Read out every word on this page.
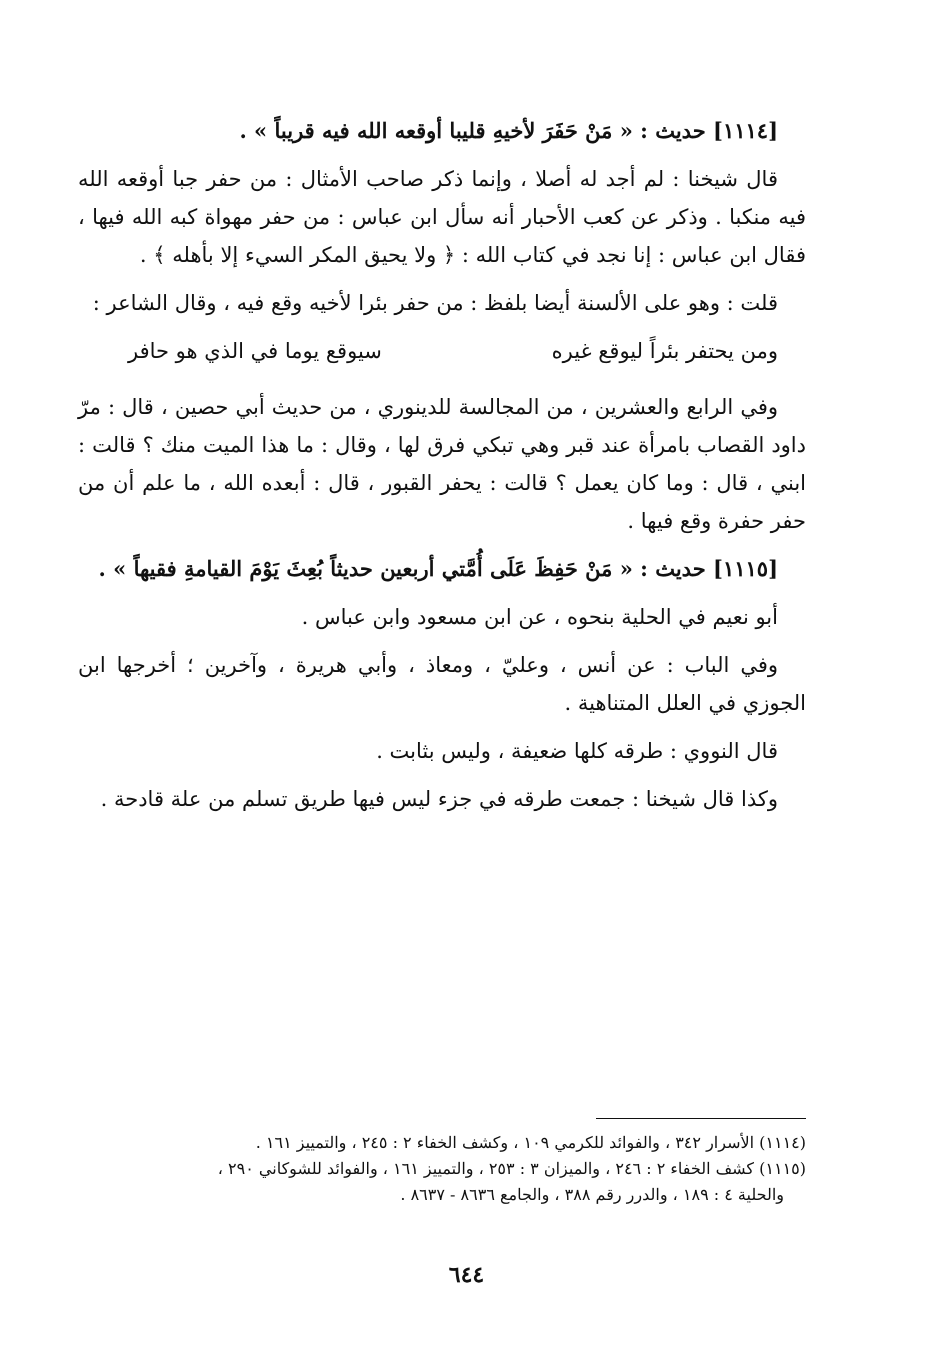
[١١١٤] حديث : « مَنْ حَفَرَ لأخيهِ قليبا أوقعه الله فيه قريباً » .

قال شيخنا : لم أجد له أصلا ، وإنما ذكر صاحب الأمثال : من حفر جبا أوقعه الله فيه منكبا . وذكر عن كعب الأحبار أنه سأل ابن عباس : من حفر مهواة كبه الله فيها ، فقال ابن عباس : إنا نجد في كتاب الله : ﴿ ولا يحيق المكر السيء إلا بأهله ﴾ .

قلت : وهو على الألسنة أيضا بلفظ : من حفر بئرا لأخيه وقع فيه ، وقال الشاعر :

ومن يحتفر بئراً ليوقع غيره
سيوقع يوما في الذي هو حافر

وفي الرابع والعشرين ، من المجالسة للدينوري ، من حديث أبي حصين ، قال : مرّ داود القصاب بامرأة عند قبر وهي تبكي فرق لها ، وقال : ما هذا الميت منك ؟ قالت : ابني ، قال : وما كان يعمل ؟ قالت : يحفر القبور ، قال : أبعده الله ، ما علم أن من حفر حفرة وقع فيها .

[١١١٥] حديث : « مَنْ حَفِظَ عَلَى أُمَّتي أربعين حديثاً بُعِثَ يَوْمَ القيامةِ فقيهاً » .

أبو نعيم في الحلية بنحوه ، عن ابن مسعود وابن عباس .

وفي الباب : عن أنس ، وعليّ ، ومعاذ ، وأبي هريرة ، وآخرين ؛ أخرجها ابن الجوزي في العلل المتناهية .

قال النووي : طرقه كلها ضعيفة ، وليس بثابت .

وكذا قال شيخنا : جمعت طرقه في جزء ليس فيها طريق تسلم من علة قادحة .

(١١١٤) الأسرار ٣٤٢ ، والفوائد للكرمي ١٠٩ ، وكشف الخفاء ٢ : ٢٤٥ ، والتمييز ١٦١ .
(١١١٥) كشف الخفاء ٢ : ٢٤٦ ، والميزان ٣ : ٢٥٣ ، والتمييز ١٦١ ، والفوائد للشوكاني ٢٩٠ ،
والحلية ٤ : ١٨٩ ، والدرر رقم ٣٨٨ ، والجامع ٨٦٣٦ - ٨٦٣٧ .
٦٤٤
